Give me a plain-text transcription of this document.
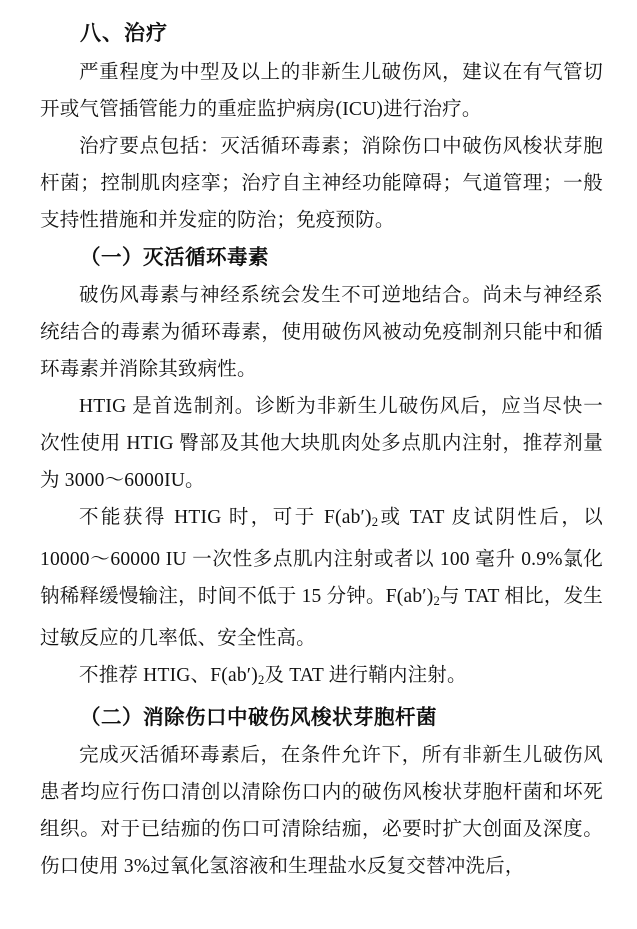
八、治疗

严重程度为中型及以上的非新生儿破伤风，建议在有气管切开或气管插管能力的重症监护病房(ICU)进行治疗。

治疗要点包括：灭活循环毒素；消除伤口中破伤风梭状芽胞杆菌；控制肌肉痉挛；治疗自主神经功能障碍；气道管理；一般支持性措施和并发症的防治；免疫预防。

（一）灭活循环毒素

破伤风毒素与神经系统会发生不可逆地结合。尚未与神经系统结合的毒素为循环毒素，使用破伤风被动免疫制剂只能中和循环毒素并消除其致病性。

HTIG 是首选制剂。诊断为非新生儿破伤风后，应当尽快一次性使用 HTIG 臀部及其他大块肌肉处多点肌内注射，推荐剂量为 3000～6000IU。

不能获得 HTIG 时，可于 $F(ab')_2$或 TAT 皮试阴性后，以 10000～60000 IU 一次性多点肌内注射或者以 100 毫升 0.9%氯化钠稀释缓慢输注，时间不低于 15 分钟。$F(ab')_2$与 TAT 相比，发生过敏反应的几率低、安全性高。

不推荐 HTIG、$F(ab')_2$及 TAT 进行鞘内注射。

（二）消除伤口中破伤风梭状芽胞杆菌

完成灭活循环毒素后，在条件允许下，所有非新生儿破伤风患者均应行伤口清创以清除伤口内的破伤风梭状芽胞杆菌和坏死组织。对于已结痂的伤口可清除结痂，必要时扩大创面及深度。伤口使用 3%过氧化氢溶液和生理盐水反复交替冲洗后，
